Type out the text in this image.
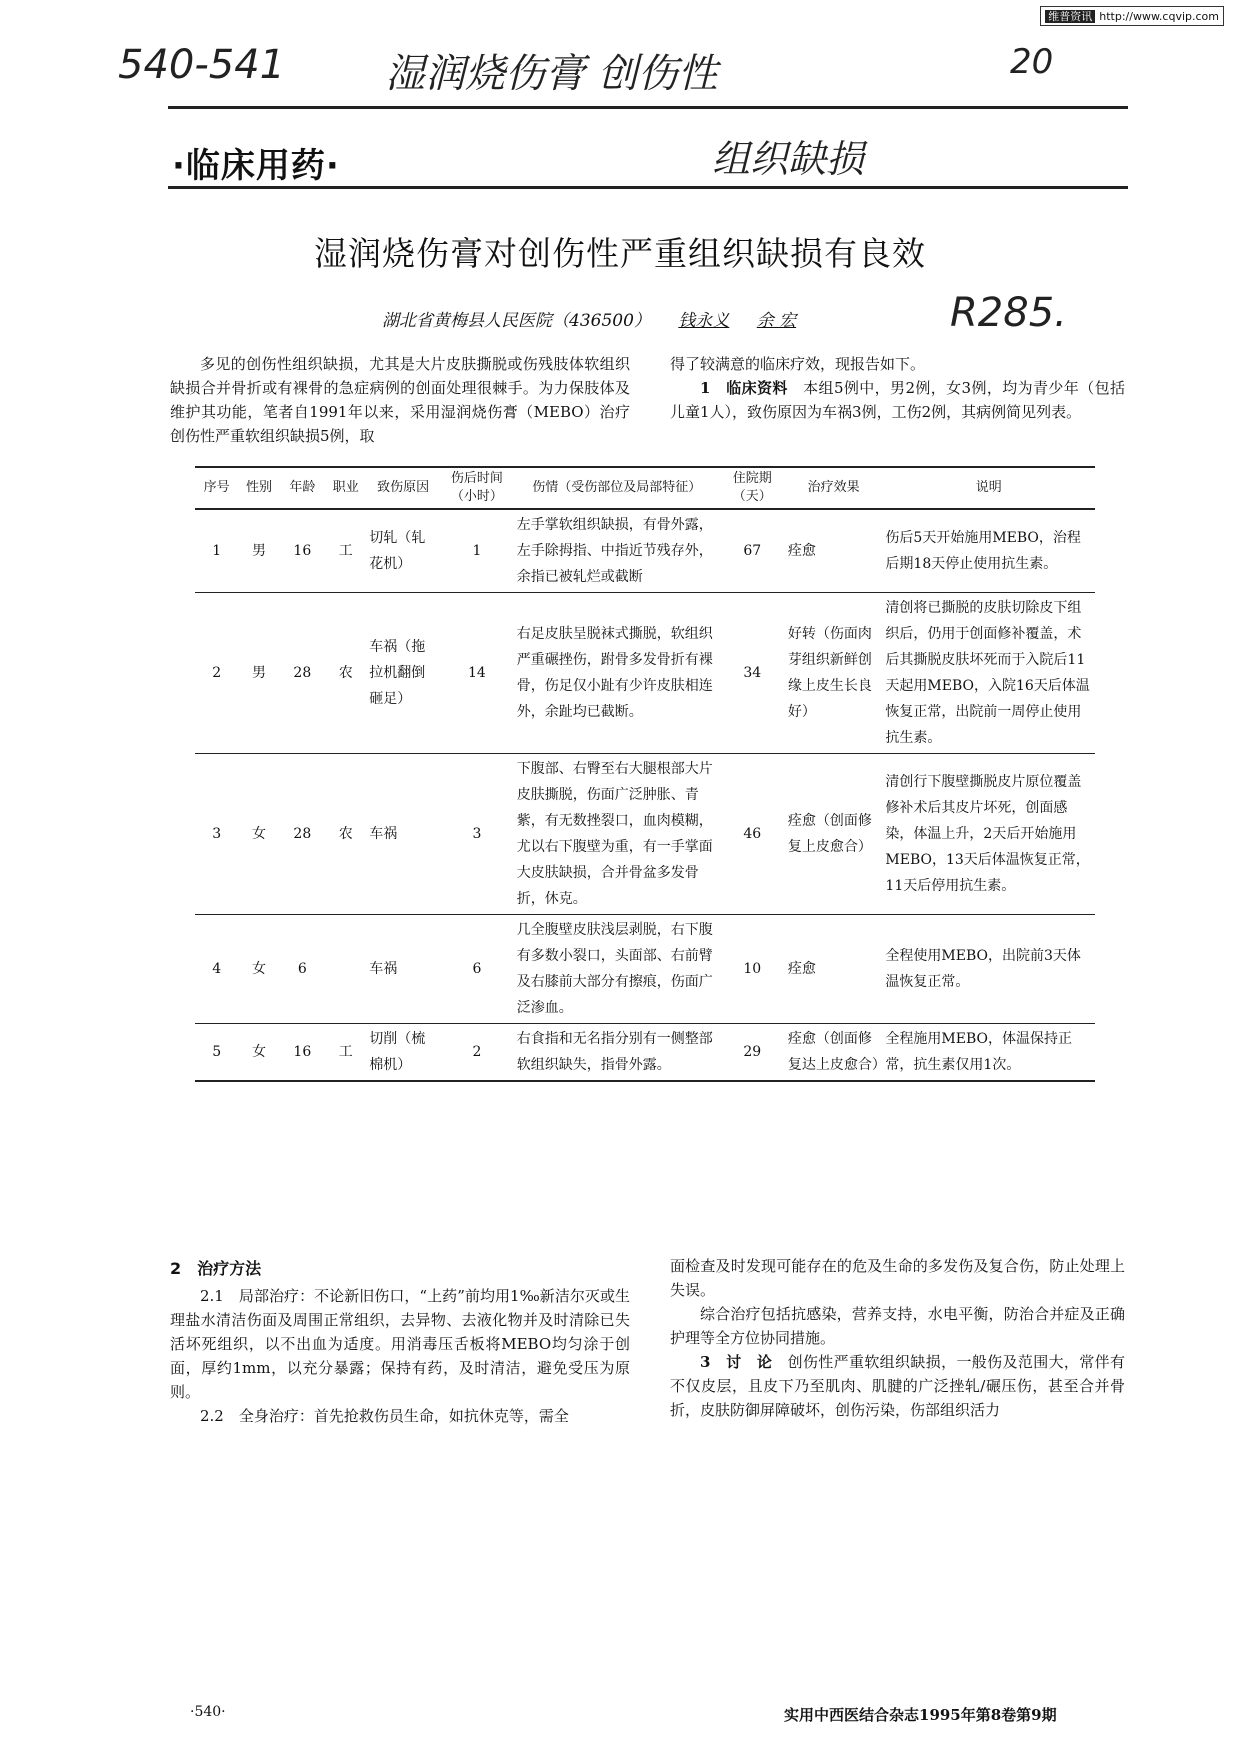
维普资讯 http://www.cqvip.com
540-541 湿润烧伤膏 创伤性	20
·临床用药·	组织缺损
湿润烧伤膏对创伤性严重组织缺损有良效
湖北省黄梅县人民医院（436500） 钱永义 余 宏	R285.

多见的创伤性组织缺损，尤其是大片皮肤撕脱或伤残肢体软组织缺损合并骨折或有裸骨的急症病例的创面处理很棘手。为力保肢体及维护其功能，笔者自1991年以来，采用湿润烧伤膏（MEBO）治疗创伤性严重软组织缺损5例，取

得了较满意的临床疗效，现报告如下。

1　临床资料　 本组5例中，男2例，女3例，均为青少年（包括儿童1人），致伤原因为车祸3例，工伤2例，其病例简见列表。

序号	性别	年龄	职业	致伤原因	伤后时间（小时）	伤情（受伤部位及局部特征）	住院期（天）	治疗效果	说明
1	男	16	工	切轧（轧花机）	1	左手掌软组织缺损，有骨外露，左手除拇指、中指近节残存外，余指已被轧烂或截断	67	痊愈	伤后5天开始施用MEBO，治程后期18天停止使用抗生素。
2	男	28	农	车祸（拖拉机翻倒砸足）	14	右足皮肤呈脱袜式撕脱，软组织严重碾挫伤，跗骨多发骨折有裸骨，伤足仅小趾有少许皮肤相连外，余趾均已截断。	34	好转（伤面肉芽组织新鲜创缘上皮生长良好）	清创将已撕脱的皮肤切除皮下组织后，仍用于创面修补覆盖，术后其撕脱皮肤坏死而于入院后11天起用MEBO，入院16天后体温恢复正常，出院前一周停止使用抗生素。
3	女	28	农	车祸	3	下腹部、右臀至右大腿根部大片皮肤撕脱，伤面广泛肿胀、青紫，有无数挫裂口，血肉模糊，尤以右下腹壁为重，有一手掌面大皮肤缺损，合并骨盆多发骨折，休克。	46	痊愈（创面修复上皮愈合）	清创行下腹壁撕脱皮片原位覆盖修补术后其皮片坏死，创面感染，体温上升，2天后开始施用MEBO，13天后体温恢复正常，11天后停用抗生素。
4	女	6		车祸	6	几全腹壁皮肤浅层剥脱，右下腹有多数小裂口，头面部、右前臂及右膝前大部分有擦痕，伤面广泛渗血。	10	痊愈	全程使用MEBO，出院前3天体温恢复正常。
5	女	16	工	切削（梳棉机）	2	右食指和无名指分别有一侧整部软组织缺失，指骨外露。	29	痊愈（创面修复达上皮愈合）	全程施用MEBO，体温保持正常，抗生素仅用1次。
2　治疗方法

2.1　局部治疗：不论新旧伤口，“上药”前均用1‰新洁尔灭或生理盐水清洁伤面及周围正常组织，去异物、去液化物并及时清除已失活坏死组织，以不出血为适度。用消毒压舌板将MEBO均匀涂于创面，厚约1mm，以充分暴露；保持有药，及时清洁，避免受压为原则。

2.2　全身治疗：首先抢救伤员生命，如抗休克等，需全

面检查及时发现可能存在的危及生命的多发伤及复合伤，防止处理上失误。

综合治疗包括抗感染，营养支持，水电平衡，防治合并症及正确护理等全方位协同措施。

3　讨　论　 创伤性严重软组织缺损，一般伤及范围大，常伴有不仅皮层，且皮下乃至肌肉、肌腱的广泛挫轧/碾压伤，甚至合并骨折，皮肤防御屏障破坏，创伤污染，伤部组织活力

·540·	实用中西医结合杂志1995年第8卷第9期
